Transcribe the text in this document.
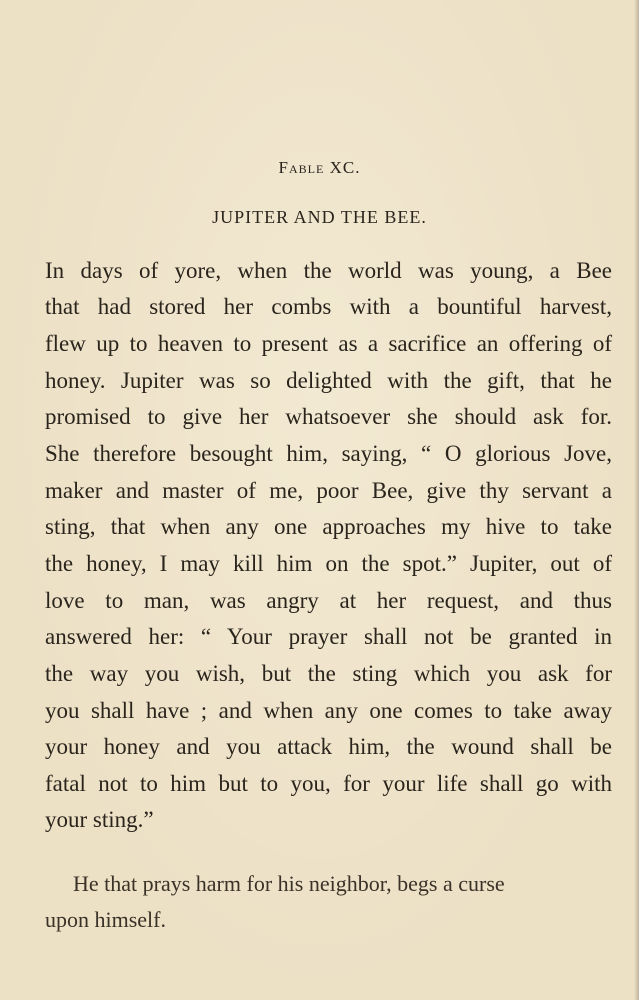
Fable XC.
JUPITER AND THE BEE.
In days of yore, when the world was young, a Bee
that had stored her combs with a bountiful harvest,
flew up to heaven to present as a sacrifice an offering of
honey. Jupiter was so delighted with the gift, that he
promised to give her whatsoever she should ask for.
She therefore besought him, saying, “ O glorious Jove,
maker and master of me, poor Bee, give thy servant a
sting, that when any one approaches my hive to take
the honey, I may kill him on the spot.” Jupiter, out of
love to man, was angry at her request, and thus
answered her: “ Your prayer shall not be granted in
the way you wish, but the sting which you ask for
you shall have ; and when any one comes to take away
your honey and you attack him, the wound shall be
fatal not to him but to you, for your life shall go with
your sting.”
He that prays harm for his neighbor, begs a curse
upon himself.
